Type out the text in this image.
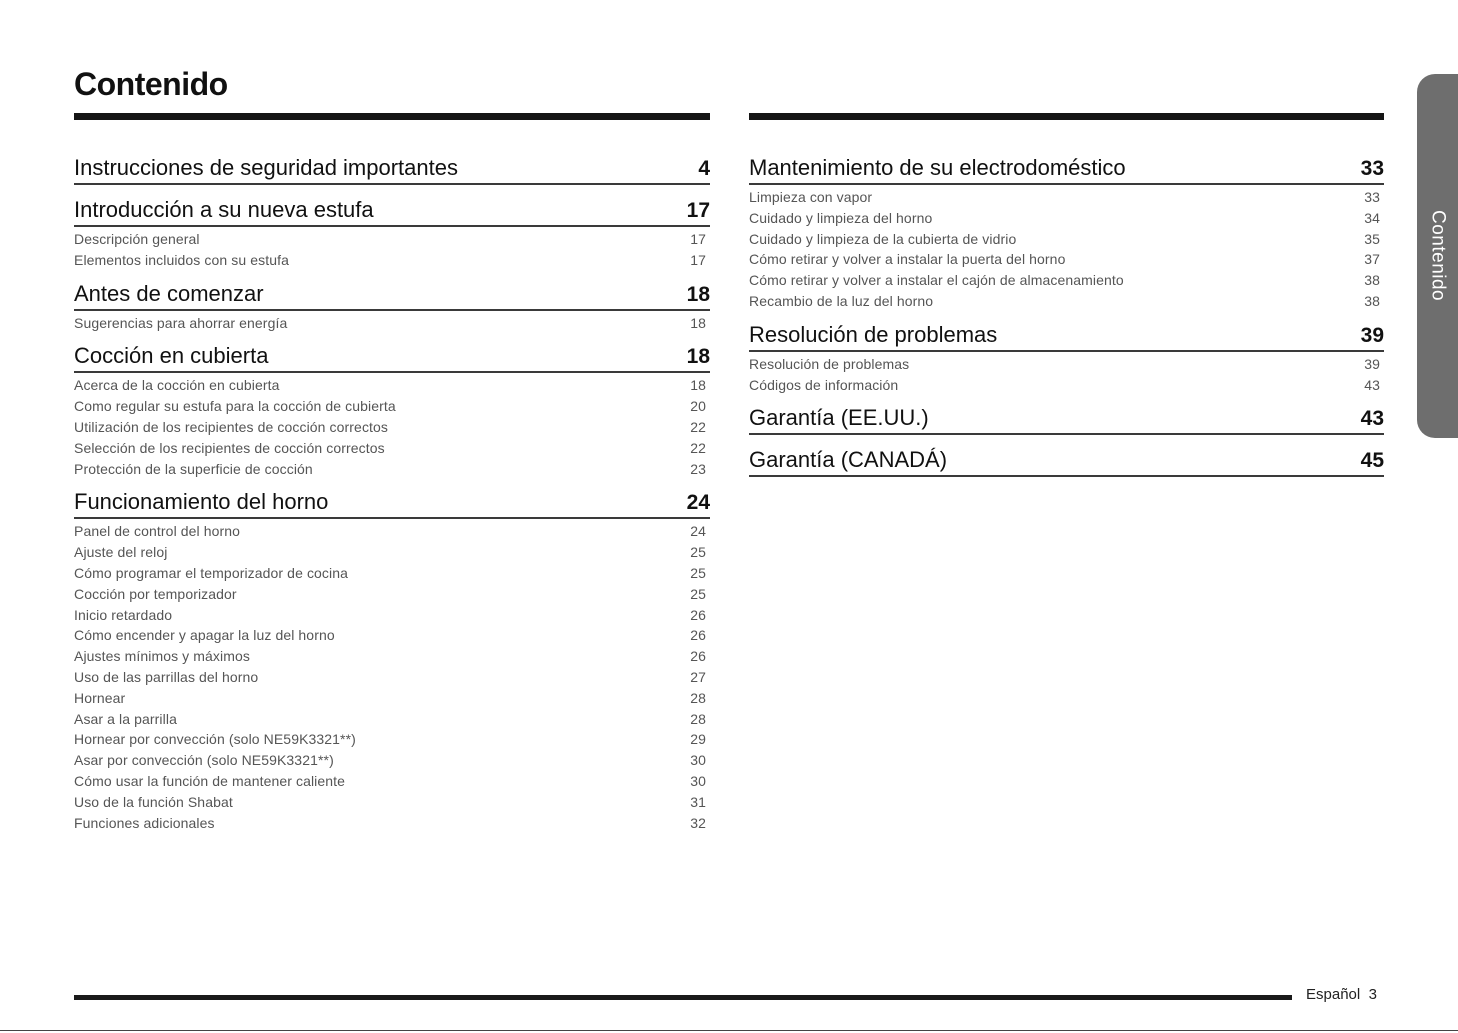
Contenido
Instrucciones de seguridad importantes	4
Introducción a su nueva estufa	17
Descripción general	17
Elementos incluidos con su estufa	17
Antes de comenzar	18
Sugerencias para ahorrar energía	18
Cocción en cubierta	18
Acerca de la cocción en cubierta	18
Como regular su estufa para la cocción de cubierta	20
Utilización de los recipientes de cocción correctos	22
Selección de los recipientes de cocción correctos	22
Protección de la superficie de cocción	23
Funcionamiento del horno	24
Panel de control del horno	24
Ajuste del reloj	25
Cómo programar el temporizador de cocina	25
Cocción por temporizador	25
Inicio retardado	26
Cómo encender y apagar la luz del horno	26
Ajustes mínimos y máximos	26
Uso de las parrillas del horno	27
Hornear	28
Asar a la parrilla	28
Hornear por convección (solo NE59K3321**)	29
Asar por convección (solo NE59K3321**)	30
Cómo usar la función de mantener caliente	30
Uso de la función Shabat	31
Funciones adicionales	32
Mantenimiento de su electrodoméstico	33
Limpieza con vapor	33
Cuidado y limpieza del horno	34
Cuidado y limpieza de la cubierta de vidrio	35
Cómo retirar y volver a instalar la puerta del horno	37
Cómo retirar y volver a instalar el cajón de almacenamiento	38
Recambio de la luz del horno	38
Resolución de problemas	39
Resolución de problemas	39
Códigos de información	43
Garantía (EE.UU.)	43
Garantía (CANADÁ)	45
Contenido
Español 3
